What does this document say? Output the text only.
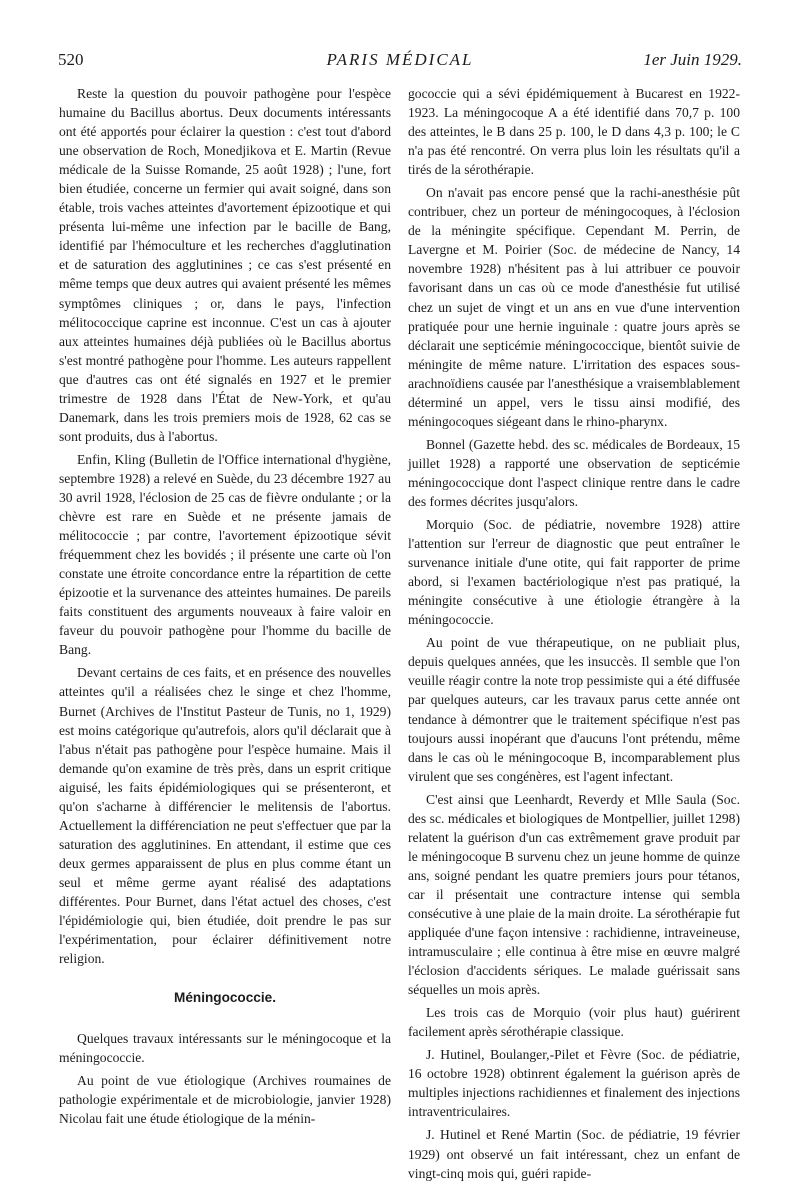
520	PARIS MÉDICAL	1er Juin 1929.

Reste la question du pouvoir pathogène pour l'espèce humaine du Bacillus abortus. Deux documents intéressants ont été apportés pour éclairer la question : c'est tout d'abord une observation de Roch, Monedjikova et E. Martin (Revue médicale de la Suisse Romande, 25 août 1928) ; l'une, fort bien étudiée, concerne un fermier qui avait soigné, dans son étable, trois vaches atteintes d'avortement épizootique et qui présenta lui-même une infection par le bacille de Bang, identifié par l'hémoculture et les recherches d'agglutination et de saturation des agglutinines ; ce cas s'est présenté en même temps que deux autres qui avaient présenté les mêmes symptômes cliniques ; or, dans le pays, l'infection mélitococcique caprine est inconnue. C'est un cas à ajouter aux atteintes humaines déjà publiées où le Bacillus abortus s'est montré pathogène pour l'homme. Les auteurs rappellent que d'autres cas ont été signalés en 1927 et le premier trimestre de 1928 dans l'État de New-York, et qu'au Danemark, dans les trois premiers mois de 1928, 62 cas se sont produits, dus à l'abortus.

Enfin, Kling (Bulletin de l'Office international d'hygiène, septembre 1928) a relevé en Suède, du 23 décembre 1927 au 30 avril 1928, l'éclosion de 25 cas de fièvre ondulante ; or la chèvre est rare en Suède et ne présente jamais de mélitococcie ; par contre, l'avortement épizootique sévit fréquemment chez les bovidés ; il présente une carte où l'on constate une étroite concordance entre la répartition de cette épizootie et la survenance des atteintes humaines. De pareils faits constituent des arguments nouveaux à faire valoir en faveur du pouvoir pathogène pour l'homme du bacille de Bang.

Devant certains de ces faits, et en présence des nouvelles atteintes qu'il a réalisées chez le singe et chez l'homme, Burnet (Archives de l'Institut Pasteur de Tunis, no 1, 1929) est moins catégorique qu'autrefois, alors qu'il déclarait que à l'abus n'était pas pathogène pour l'espèce humaine. Mais il demande qu'on examine de très près, dans un esprit critique aiguisé, les faits épidémiologiques qui se présenteront, et qu'on s'acharne à différencier le melitensis de l'abortus. Actuellement la différenciation ne peut s'effectuer que par la saturation des agglutinines. En attendant, il estime que ces deux germes apparaissent de plus en plus comme étant un seul et même germe ayant réalisé des adaptations différentes. Pour Burnet, dans l'état actuel des choses, c'est l'épidémiologie qui, bien étudiée, doit prendre le pas sur l'expérimentation, pour éclairer définitivement notre religion.

Méningococcie.

Quelques travaux intéressants sur le méningocoque et la méningococcie.

Au point de vue étiologique (Archives roumaines de pathologie expérimentale et de microbiologie, janvier 1928) Nicolau fait une étude étiologique de la ménin-

gococcie qui a sévi épidémiquement à Bucarest en 1922-1923. La méningocoque A a été identifié dans 70,7 p. 100 des atteintes, le B dans 25 p. 100, le D dans 4,3 p. 100; le C n'a pas été rencontré. On verra plus loin les résultats qu'il a tirés de la sérothérapie.

On n'avait pas encore pensé que la rachi-anesthésie pût contribuer, chez un porteur de méningocoques, à l'éclosion de la méningite spécifique. Cependant M. Perrin, de Lavergne et M. Poirier (Soc. de médecine de Nancy, 14 novembre 1928) n'hésitent pas à lui attribuer ce pouvoir favorisant dans un cas où ce mode d'anesthésie fut utilisé chez un sujet de vingt et un ans en vue d'une intervention pratiquée pour une hernie inguinale : quatre jours après se déclarait une septicémie méningococcique, bientôt suivie de méningite de même nature. L'irritation des espaces sous-arachnoïdiens causée par l'anesthésique a vraisemblablement déterminé un appel, vers le tissu ainsi modifié, des méningocoques siégeant dans le rhino-pharynx.

Bonnel (Gazette hebd. des sc. médicales de Bordeaux, 15 juillet 1928) a rapporté une observation de septicémie méningococcique dont l'aspect clinique rentre dans le cadre des formes décrites jusqu'alors.

Morquio (Soc. de pédiatrie, novembre 1928) attire l'attention sur l'erreur de diagnostic que peut entraîner le survenance initiale d'une otite, qui fait rapporter de prime abord, si l'examen bactériologique n'est pas pratiqué, la méningite consécutive à une étiologie étrangère à la méningococcie.

Au point de vue thérapeutique, on ne publiait plus, depuis quelques années, que les insuccès. Il semble que l'on veuille réagir contre la note trop pessimiste qui a été diffusée par quelques auteurs, car les travaux parus cette année ont tendance à démontrer que le traitement spécifique n'est pas toujours aussi inopérant que d'aucuns l'ont prétendu, même dans le cas où le méningocoque B, incomparablement plus virulent que ses congénères, est l'agent infectant.

C'est ainsi que Leenhardt, Reverdy et Mlle Saula (Soc. des sc. médicales et biologiques de Montpellier, juillet 1298) relatent la guérison d'un cas extrêmement grave produit par le méningocoque B survenu chez un jeune homme de quinze ans, soigné pendant les quatre premiers jours pour tétanos, car il présentait une contracture intense qui sembla consécutive à une plaie de la main droite. La sérothérapie fut appliquée d'une façon intensive : rachidienne, intraveineuse, intramusculaire ; elle continua à être mise en œuvre malgré l'éclosion d'accidents sériques. Le malade guérissait sans séquelles un mois après.

Les trois cas de Morquio (voir plus haut) guérirent facilement après sérothérapie classique.

J. Hutinel, Boulanger,-Pilet et Fèvre (Soc. de pédiatrie, 16 octobre 1928) obtinrent également la guérison après de multiples injections rachidiennes et finalement des injections intraventriculaires.

J. Hutinel et René Martin (Soc. de pédiatrie, 19 février 1929) ont observé un fait intéressant, chez un enfant de vingt-cinq mois qui, guéri rapide-
